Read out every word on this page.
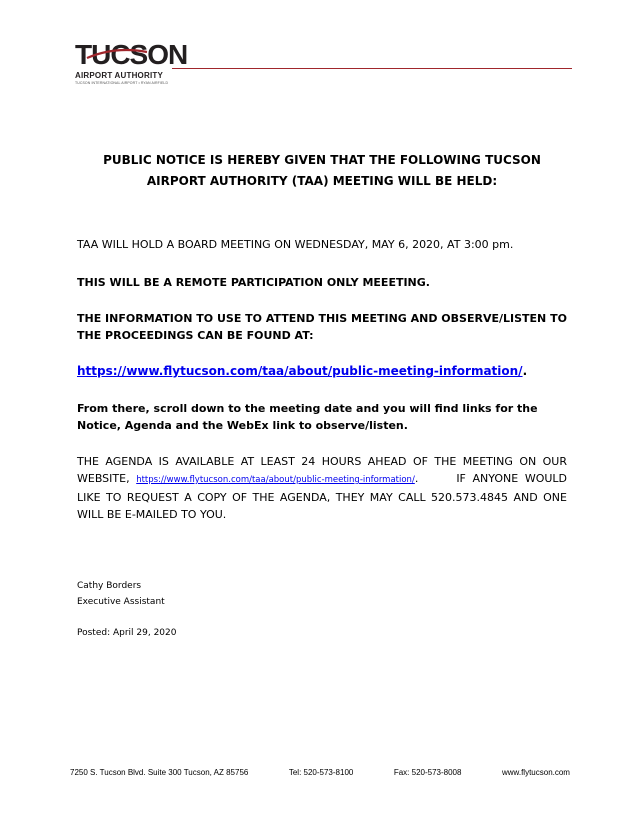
TUCSON
AIRPORT AUTHORITY
TUCSON INTERNATIONAL AIRPORT • RYAN AIRFIELD
PUBLIC NOTICE IS HEREBY GIVEN THAT THE FOLLOWING TUCSON
AIRPORT AUTHORITY (TAA) MEETING WILL BE HELD:

TAA WILL HOLD A BOARD MEETING ON WEDNESDAY, MAY 6, 2020, AT 3:00 pm.

THIS WILL BE A REMOTE PARTICIPATION ONLY MEEETING.

THE INFORMATION TO USE TO ATTEND THIS MEETING AND OBSERVE/LISTEN TO THE PROCEEDINGS CAN BE FOUND AT:

https://www.flytucson.com/taa/about/public-meeting-information/.

From there, scroll down to the meeting date and you will find links for the Notice, Agenda and the WebEx link to observe/listen.

THE AGENDA IS AVAILABLE AT LEAST 24 HOURS AHEAD OF THE MEETING ON OUR WEBSITE, https://www.flytucson.com/taa/about/public-meeting-information/.	IF ANYONE WOULD LIKE TO REQUEST A COPY OF THE AGENDA, THEY MAY CALL 520.573.4845 AND ONE WILL BE E-MAILED TO YOU.

Cathy Borders
Executive Assistant
Posted: April 29, 2020
7250 S. Tucson Blvd. Suite 300 Tucson, AZ 85756	Tel: 520-573-8100	Fax: 520-573-8008	www.flytucson.com
